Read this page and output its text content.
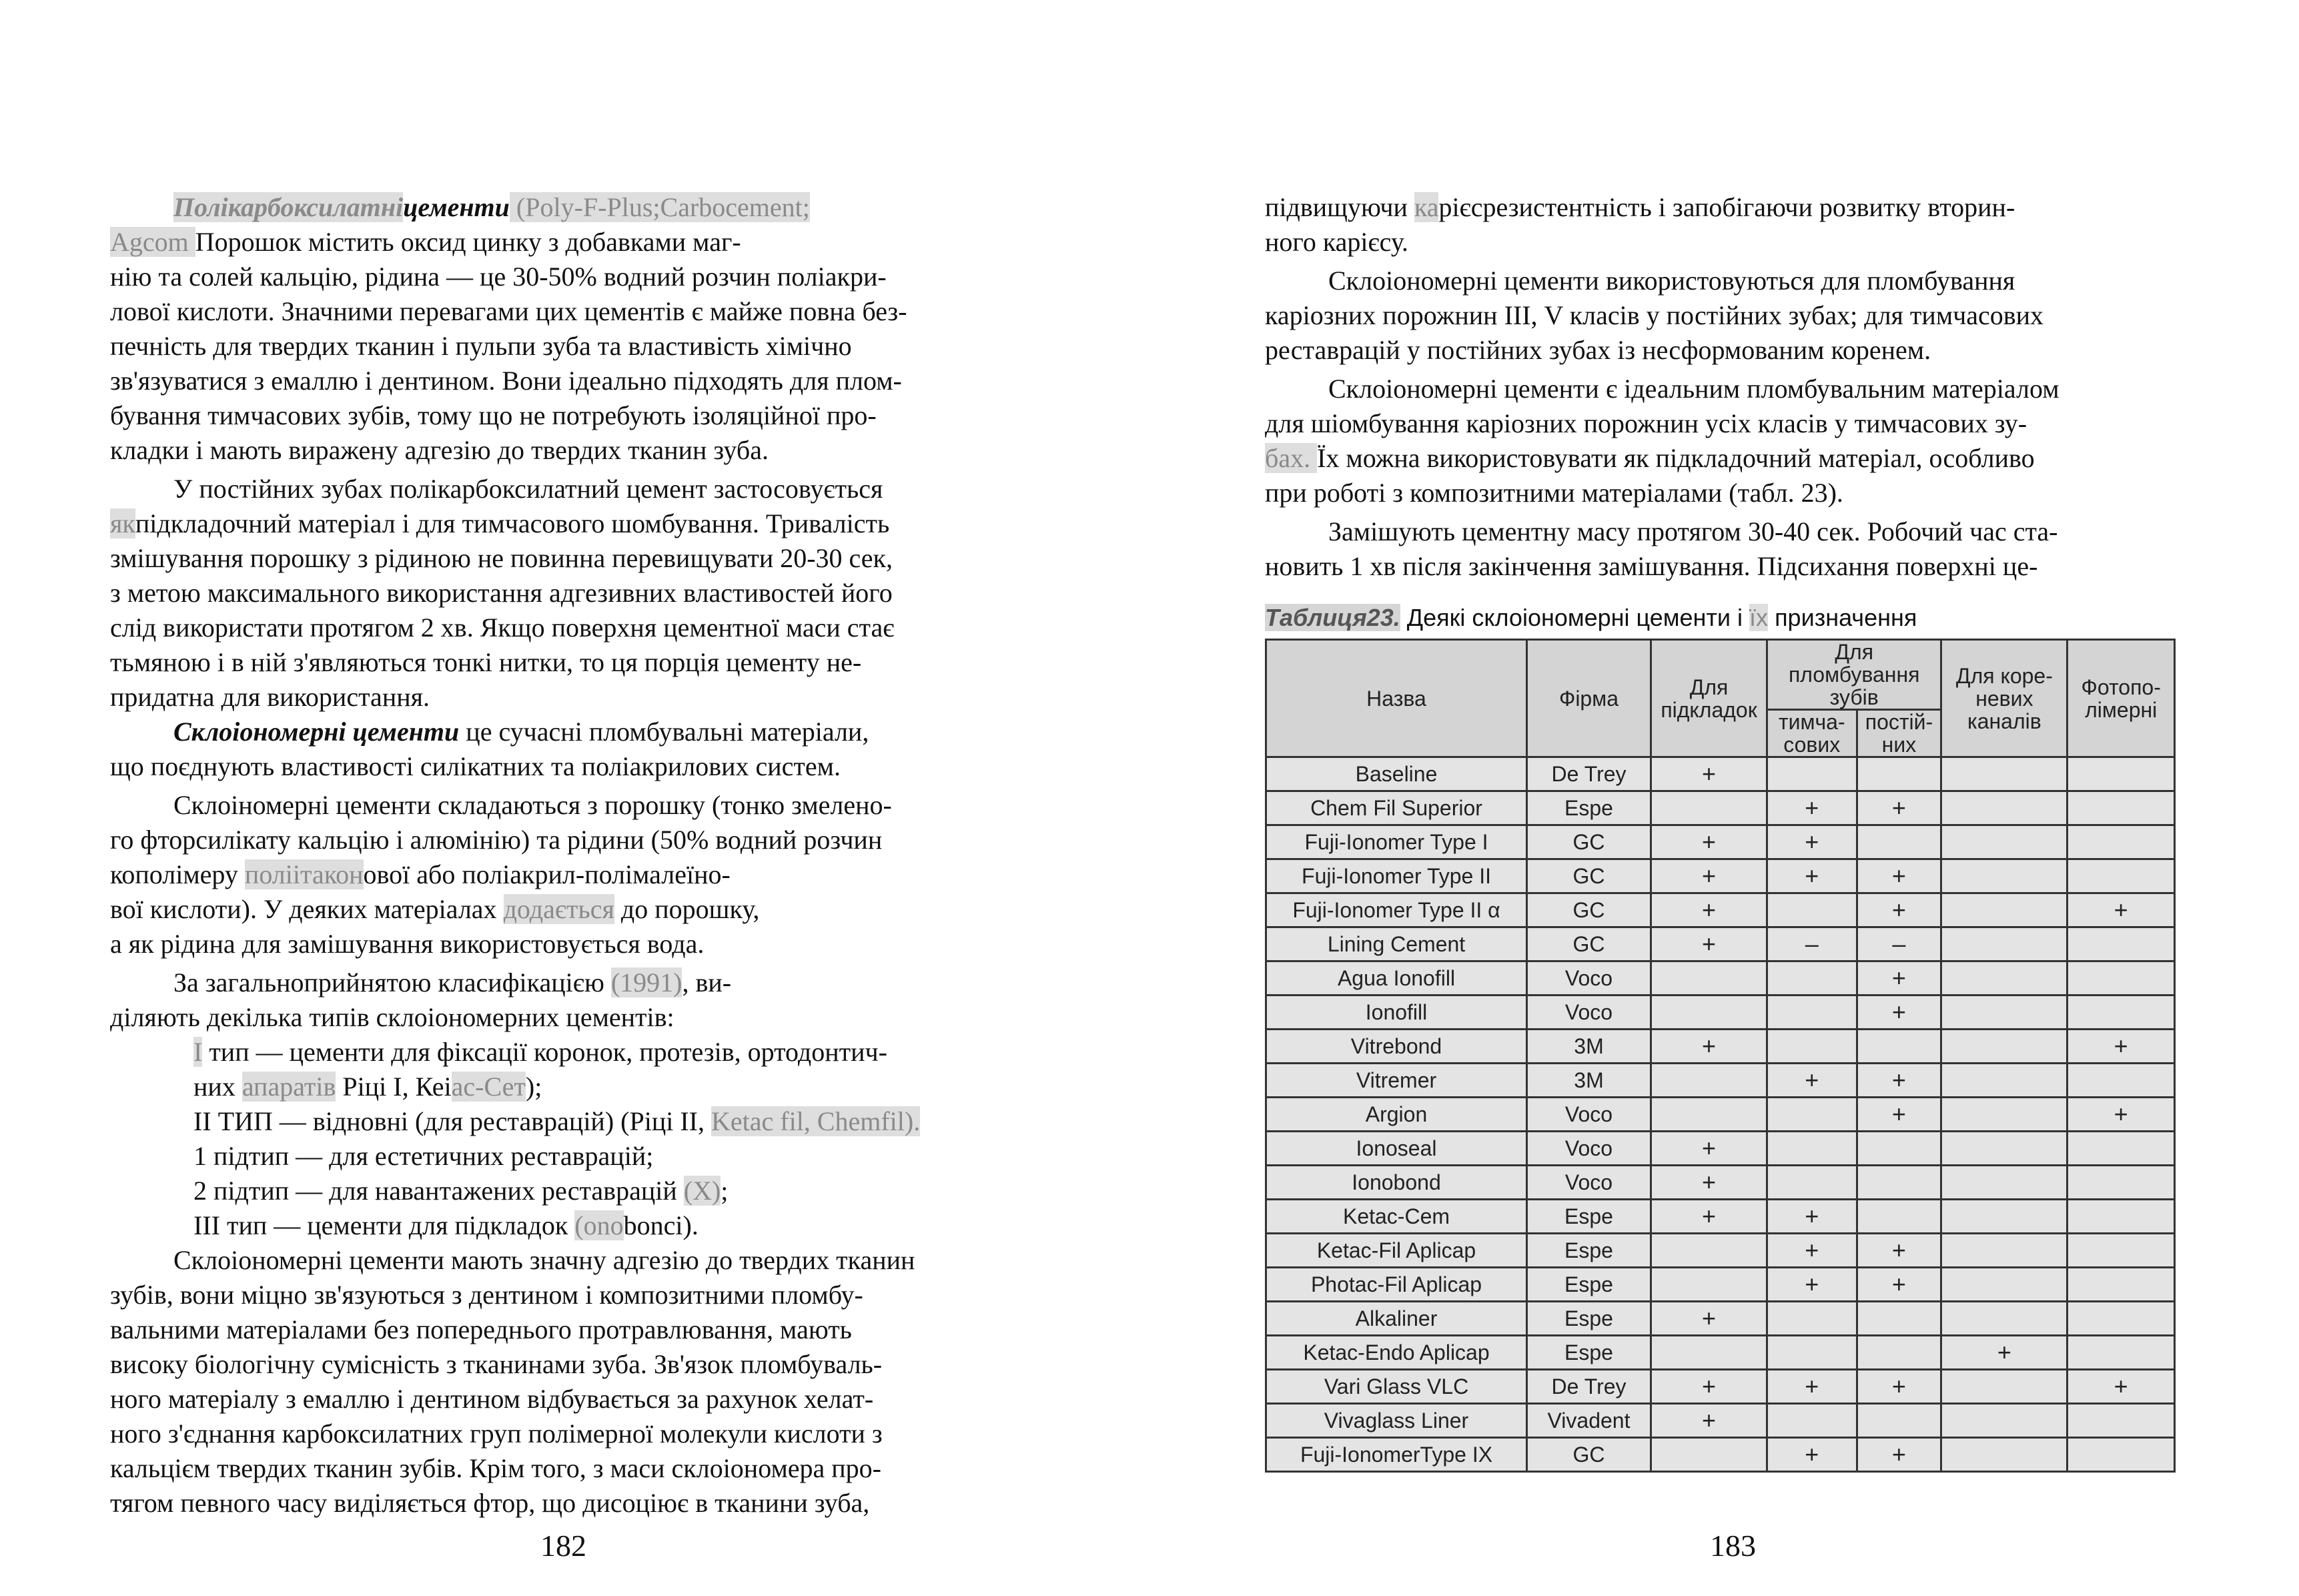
Полікарбоксилатніцементи (Poly-F-Plus;Carbocement;
Agcom Порошок містить оксид цинку з добавками маг-
нію та солей кальцію, рідина — це 30-50% водний розчин поліакри-
лової кислоти. Значними перевагами цих цементів є майже повна без-
печність для твердих тканин і пульпи зуба та властивість хімічно
зв'язуватися з емаллю і дентином. Вони ідеально підходять для плом-
бування тимчасових зубів, тому що не потребують ізоляційної про-
кладки і мають виражену адгезію до твердих тканин зуба.
У постійних зубах полікарбоксилатний цемент застосовується
якпідкладочний матеріал і для тимчасового шомбування. Тривалість
змішування порошку з рідиною не повинна перевищувати 20-30 сек,
з метою максимального використання адгезивних властивостей його
слід використати протягом 2 хв. Якщо поверхня цементної маси стає
тьмяною і в ній з'являються тонкі нитки, то ця порція цементу не-
придатна для використання.
Склоіономерні цементи це сучасні пломбувальні матеріали,
що поєднують властивості силікатних та поліакрилових систем.
Склоіномерні цементи складаються з порошку (тонко змелено-
го фторсилікату кальцію і алюмінію) та рідини (50% водний розчин
кополімеру поліітаконової або поліакрил-полімалеїно-
вої кислоти). У деяких матеріалах додається до порошку,
а як рідина для замішування використовується вода.
За загальноприйнятою класифікацією (1991), ви-
діляють декілька типів склоіономерних цементів:
І тип — цементи для фіксації коронок, протезів, ортодонтич-
них апаратів Ріці І, Кеіас-Сет);
ІІ ТИП — відновні (для реставрацій) (Ріці ІІ, Ketac fil, Chemfil).
1 підтип — для естетичних реставрацій;
2 підтип — для навантажених реставрацій (Х);
ІІІ тип — цементи для підкладок (onobonci).
Склоіономерні цементи мають значну адгезію до твердих тканин
зубів, вони міцно зв'язуються з дентином і композитними пломбу-
вальними матеріалами без попереднього протравлювання, мають
високу біологічну сумісність з тканинами зуба. Зв'язок пломбуваль-
ного матеріалу з емаллю і дентином відбувається за рахунок хелат-
ного з'єднання карбоксилатних груп полімерної молекули кислоти з
кальцієм твердих тканин зубів. Крім того, з маси склоіономера про-
тягом певного часу виділяється фтор, що дисоціює в тканини зуба,
182
підвищуючи карієсрезистентність і запобігаючи розвитку вторин-
ного карієсу.
Склоіономерні цементи використовуються для пломбування
каріозних порожнин ІІІ, V класів у постійних зубах; для тимчасових
реставрацій у постійних зубах із несформованим коренем.
Склоіономерні цементи є ідеальним пломбувальним матеріалом
для шіомбування каріозних порожнин усіх класів у тимчасових зу-
бах. Їх можна використовувати як підкладочний матеріал, особливо
при роботі з композитними матеріалами (табл. 23).
Замішують цементну масу протягом 30-40 сек. Робочий час ста-
новить 1 хв після закінчення замішування. Підсихання поверхні це-
Таблиця23. Деякі склоіономерні цементи і їх призначення
Назва	Фірма	Для підкладок	Для пломбування зубів		Для коре-невих каналів	Фотопо-лімерні
			тимча-сових	постій-них		
Baseline	De Trey	+				
Chem Fil Superior	Espe		+	+		
Fuji-Ionomer Type I	GC	+	+			
Fuji-Ionomer Type II	GC	+	+	+		
Fuji-Ionomer Type II α	GC	+		+		+
Lining Cement	GC	+	–	–		
Agua Ionofill	Voco			+		
Ionofill	Voco			+		
Vitrebond	3M	+				+
Vitremer	3M		+	+		
Argion	Voco			+		+
Ionoseal	Voco	+				
Ionobond	Voco	+				
Ketac-Cem	Espe	+	+			
Ketac-Fil Aplicap	Espe		+	+		
Photac-Fil Aplicap	Espe		+	+		
Alkaliner	Espe	+				
Ketac-Endo Aplicap	Espe				+	
Vari Glass VLC	De Trey	+	+	+		+
Vivaglass Liner	Vivadent	+				
Fuji-IonomerType IX	GC		+	+		
183
